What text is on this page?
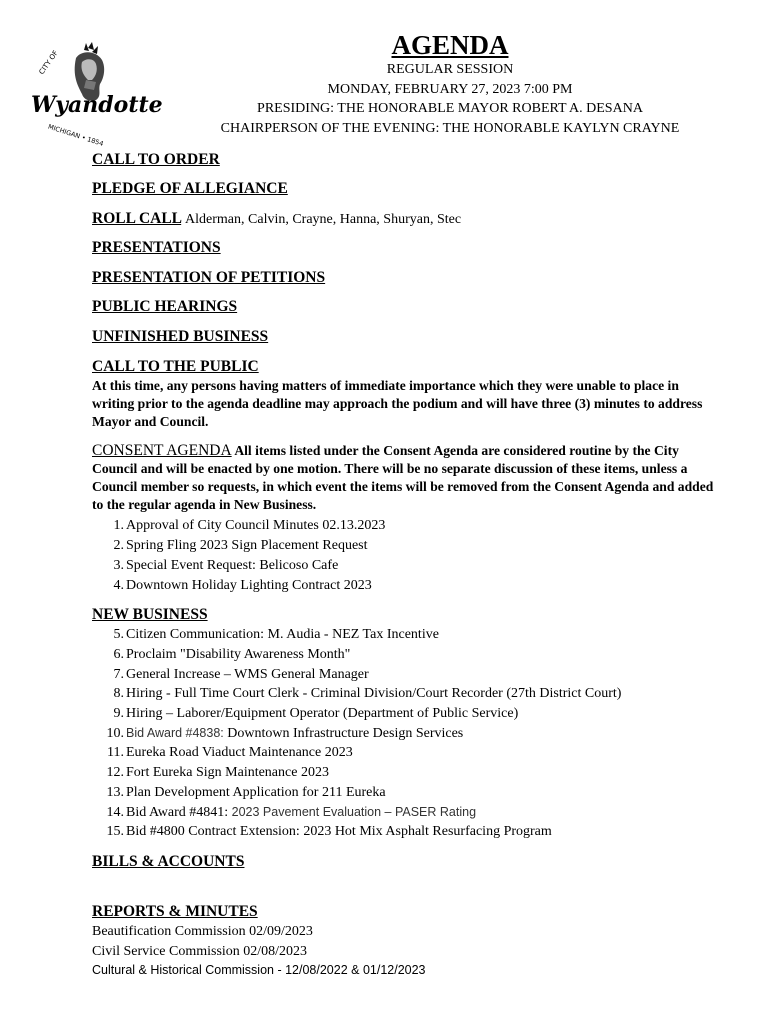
Wyandotte
CITY OF
MICHIGAN • 1854
AGENDA
REGULAR SESSION
MONDAY, FEBRUARY 27, 2023 7:00 PM
PRESIDING: THE HONORABLE MAYOR ROBERT A. DESANA
CHAIRPERSON OF THE EVENING: THE HONORABLE KAYLYN CRAYNE
CALL TO ORDER
PLEDGE OF ALLEGIANCE
ROLL CALL Alderman, Calvin, Crayne, Hanna, Shuryan, Stec
PRESENTATIONS
PRESENTATION OF PETITIONS
PUBLIC HEARINGS
UNFINISHED BUSINESS
CALL TO THE PUBLIC
At this time, any persons having matters of immediate importance which they were unable to place in writing prior to the agenda deadline may approach the podium and will have three (3) minutes to address Mayor and Council.
CONSENT AGENDA All items listed under the Consent Agenda are considered routine by the City Council and will be enacted by one motion. There will be no separate discussion of these items, unless a Council member so requests, in which event the items will be removed from the Consent Agenda and added to the regular agenda in New Business.
1. Approval of City Council Minutes 02.13.2023
2. Spring Fling 2023 Sign Placement Request
3. Special Event Request: Belicoso Cafe
4. Downtown Holiday Lighting Contract 2023
NEW BUSINESS
5. Citizen Communication: M. Audia - NEZ Tax Incentive
6. Proclaim "Disability Awareness Month"
7. General Increase – WMS General Manager
8. Hiring - Full Time Court Clerk - Criminal Division/Court Recorder (27th District Court)
9. Hiring – Laborer/Equipment Operator (Department of Public Service)
10. Bid Award #4838: Downtown Infrastructure Design Services
11. Eureka Road Viaduct Maintenance 2023
12. Fort Eureka Sign Maintenance 2023
13. Plan Development Application for 211 Eureka
14. Bid Award #4841: 2023 Pavement Evaluation – PASER Rating
15. Bid #4800 Contract Extension: 2023 Hot Mix Asphalt Resurfacing Program
BILLS & ACCOUNTS
REPORTS & MINUTES
Beautification Commission 02/09/2023
Civil Service Commission 02/08/2023
Cultural & Historical Commission - 12/08/2022 & 01/12/2023
